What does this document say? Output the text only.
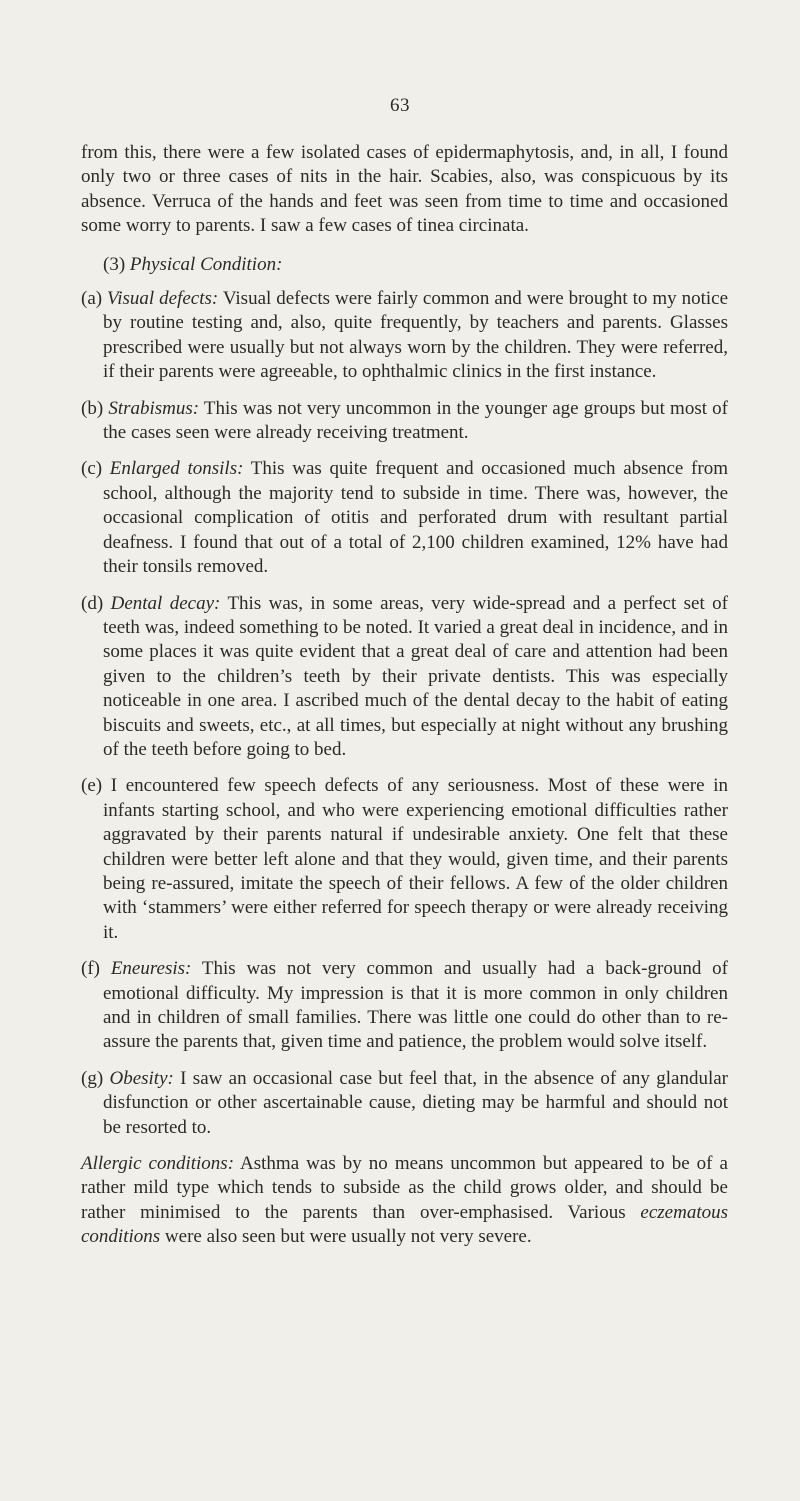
63

from this, there were a few isolated cases of epidermaphytosis, and, in all, I found only two or three cases of nits in the hair. Scabies, also, was conspicuous by its absence. Verruca of the hands and feet was seen from time to time and occasioned some worry to parents. I saw a few cases of tinea circinata.

(3) Physical Condition:

(a) Visual defects: Visual defects were fairly common and were brought to my notice by routine testing and, also, quite frequently, by teachers and parents. Glasses prescribed were usually but not always worn by the children. They were referred, if their parents were agreeable, to ophthalmic clinics in the first instance.

(b) Strabismus: This was not very uncommon in the younger age groups but most of the cases seen were already receiving treatment.

(c) Enlarged tonsils: This was quite frequent and occasioned much absence from school, although the majority tend to subside in time. There was, however, the occasional complication of otitis and perforated drum with resultant partial deafness. I found that out of a total of 2,100 children examined, 12% have had their tonsils removed.

(d) Dental decay: This was, in some areas, very wide-spread and a perfect set of teeth was, indeed something to be noted. It varied a great deal in incidence, and in some places it was quite evident that a great deal of care and attention had been given to the children’s teeth by their private dentists. This was especially noticeable in one area. I ascribed much of the dental decay to the habit of eating biscuits and sweets, etc., at all times, but especially at night without any brushing of the teeth before going to bed.

(e) I encountered few speech defects of any seriousness. Most of these were in infants starting school, and who were experiencing emotional difficulties rather aggravated by their parents natural if undesirable anxiety. One felt that these children were better left alone and that they would, given time, and their parents being re-assured, imitate the speech of their fellows. A few of the older children with ‘stammers’ were either referred for speech therapy or were already receiving it.

(f) Eneuresis: This was not very common and usually had a back-ground of emotional difficulty. My impression is that it is more common in only children and in children of small families. There was little one could do other than to re-assure the parents that, given time and patience, the problem would solve itself.

(g) Obesity: I saw an occasional case but feel that, in the absence of any glandular disfunction or other ascertainable cause, dieting may be harmful and should not be resorted to.

Allergic conditions: Asthma was by no means uncommon but appeared to be of a rather mild type which tends to subside as the child grows older, and should be rather minimised to the parents than over-emphasised. Various eczematous conditions were also seen but were usually not very severe.
